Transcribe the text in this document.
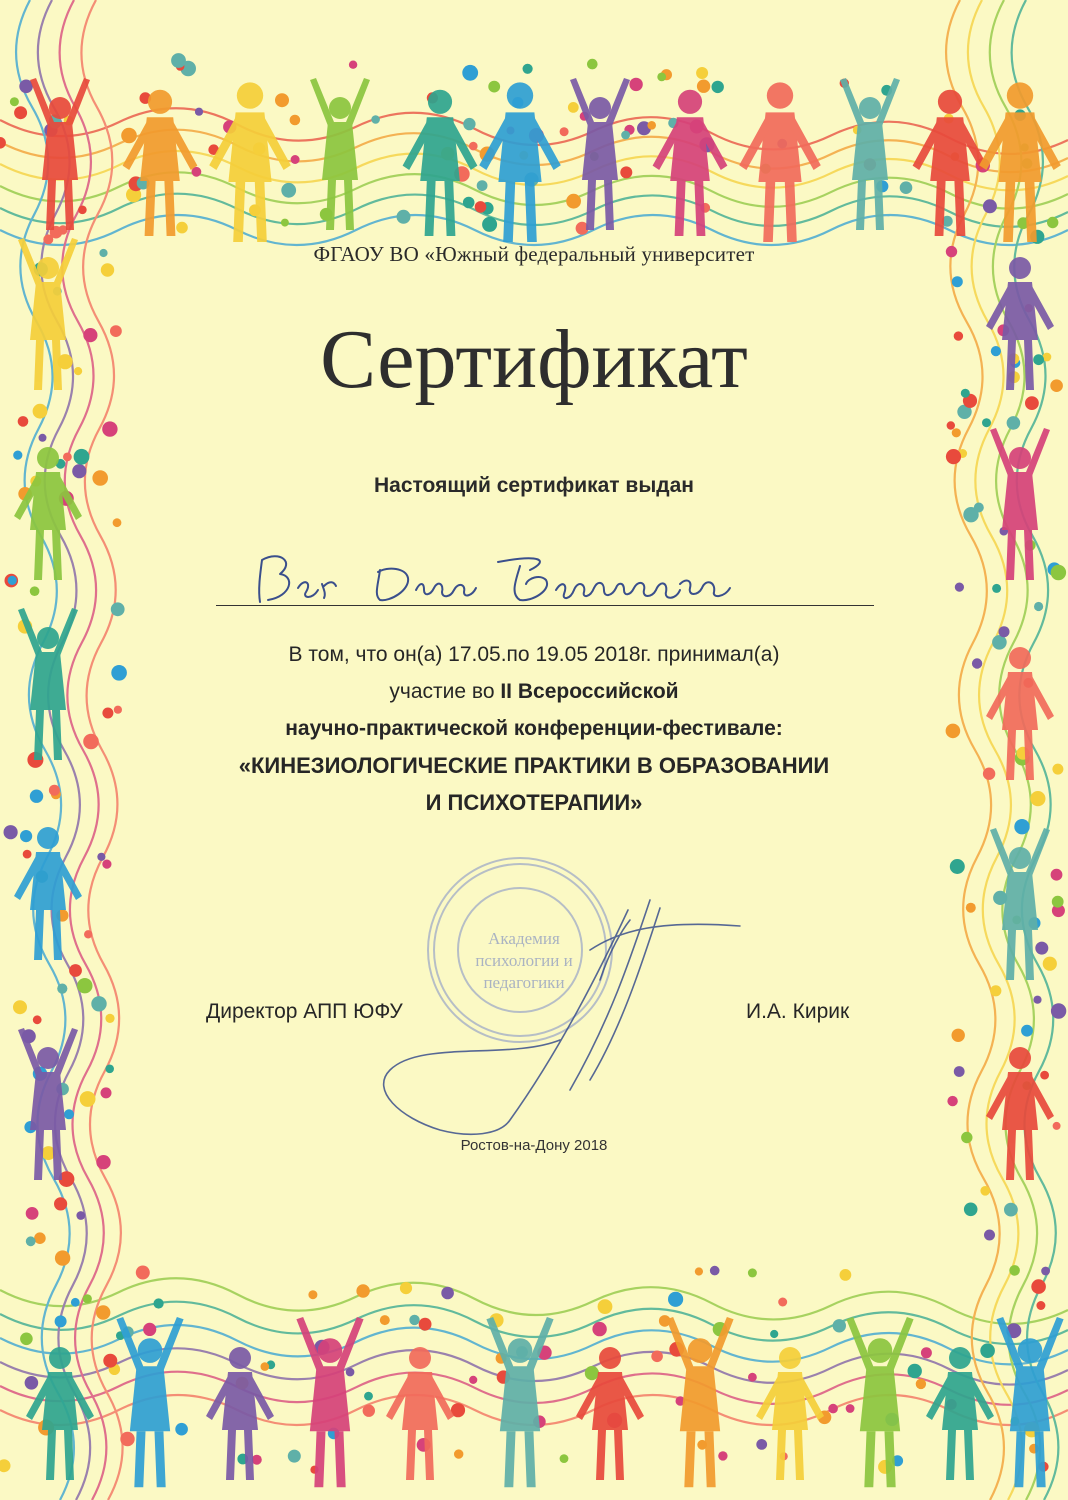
ФГАОУ ВО «Южный федеральный университет
Сертификат
Настоящий сертификат выдан
В том, что он(а) 17.05.по 19.05 2018г. принимал(а)
участие во II Всероссийской
научно-практической конференции-фестивале:
«КИНЕЗИОЛОГИЧЕСКИЕ ПРАКТИКИ В ОБРАЗОВАНИИ
И ПСИХОТЕРАПИИ»
Академия
психологии и
педагогики
Директор АПП ЮФУ	И.А. Кирик
Ростов-на-Дону 2018
